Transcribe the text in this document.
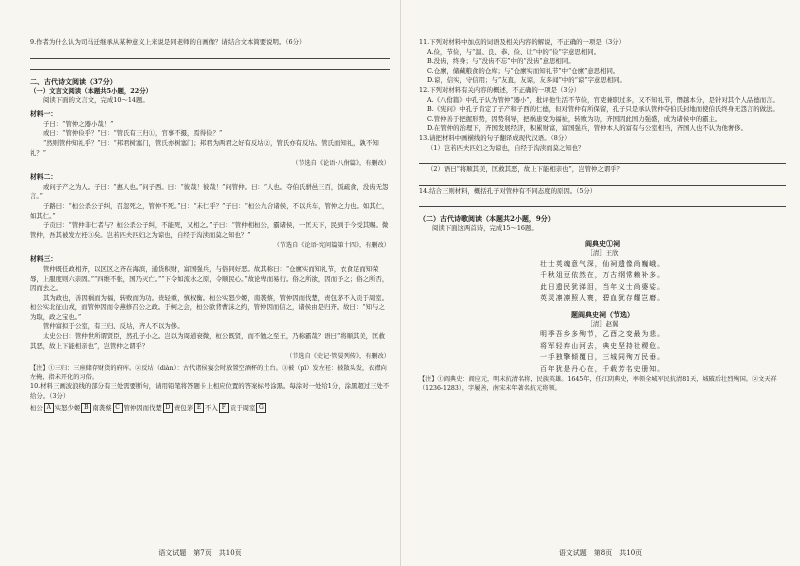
9.作者为什么认为司马迁继承从某种意义上来说是同老师的自画像？请结合文本简要说明。（6分）

二、古代诗文阅读（37分）

（一）文言文阅读（本题共5小题，22分）

阅读下面的文言文，完成10～14题。

材料一：

子曰：“管仲之器小哉！”

或曰：“管仲俭乎？”曰：“管氏有三归①，官事不摄，焉得俭？”

“然则管仲知礼乎？”曰：“邦君树塞门，管氏亦树塞门；邦君为两君之好有反坫②，管氏亦有反坫。管氏而知礼，孰不知礼？”

（节选自《论语·八佾篇》，有删改）

材料二：

或问子产之为人。子曰：“惠人也。”问子西。曰：“彼哉！彼哉！”问管仲。曰：“人也。夺伯氏骈邑三百，饭疏食，没齿无怨言。”

子路曰：“桓公杀公子纠，召忽死之，管仲不死。”曰：“未仁乎？”子曰：“桓公九合诸侯，不以兵车，管仲之力也。如其仁，如其仁。”

子贡曰：“管仲非仁者与？桓公杀公子纠，不能死，又相之。”子曰：“管仲相桓公，霸诸侯，一匡天下，民到于今受其赐。微管仲，吾其被发左衽③矣。岂若匹夫匹妇之为谅也，自经于沟渎而莫之知也？”

（节选自《论语·宪问篇第十四》，有删改）

材料三：

管仲既任政相齐，以区区之齐在海滨，通货积财，富国强兵，与俗同好恶。故其称曰：“仓廪实而知礼节，衣食足而知荣辱，上服度则六亲固。”“四维不张，国乃灭亡。”“下令如流水之原，令顺民心。”故论卑而易行。俗之所欲，因而予之；俗之所否，因而去之。

其为政也，善因祸而为福，转败而为功。贵轻重，慎权衡。桓公实怒少姬，南袭蔡，管仲因而伐楚，责包茅不入贡于周室。桓公实北征山戎，而管仲因而令燕修召公之政。于柯之会，桓公欲背曹沫之约，管仲因而信之，诸侯由是归齐。故曰：“知与之为取，政之宝也。”

管仲富拟于公室，有三归、反坫，齐人不以为侈。

太史公曰：管仲世所谓贤臣，然孔子小之。岂以为周道衰微，桓公既贤，而不勉之至王，乃称霸哉？语曰“将顺其美，匡救其恶，故上下能相亲也”，岂管仲之谓乎？

（节选自《史记·管晏列传》，有删改）

【注】①三归：三座储存财货的府库。②反坫（diàn）：古代诸侯宴会时放置空酒杯的土台。③被（pī）发左衽：披散头发，衣襟向左掩，指未开化的习俗。

10.材料三画波浪线的部分有三处需要断句，请用铅笔将答题卡上相应位置的答案标号涂黑。每涂对一处给1分，涂黑超过三处不给分。（3分）

桓公 A 实怒少姬 B 南袭蔡 C 管仲因而伐楚 D 责包茅 E 不入 F 贡于周室 G
语文试题　第7页　共10页

11.下列对材料中加点的词语及相关内容的解说，不正确的一项是（3分）

A.俭，节俭，与“温、良、恭、俭、让”中的“俭”字意思相同。

B.没齿，终身；与“没齿不忘”中的“没齿”意思相同。

C.仓廪，储藏粮食的仓库；与“仓廪实而知礼节”中“仓廪”意思相同。

D.谅，信实，守信用；与“友直，友谅，友多闻”中的“谅”字意思相同。

12.下列对材料有关内容的概述，不正确的一项是（3分）

A.《八佾篇》中孔子认为管仲“器小”，批评他生活不节俭，官吏兼职过多，又不知礼节，僭越本分，是针对其个人品德而言。

B.《宪问》中孔子肯定了子产和子西的仁德，但对管仲有所保留，孔子只是承认管仲夺伯氏封地而使伯氏终身无怨言的做法。

C.管仲善于把握形势，因势利导，把祸患变为福祉，转败为功，齐国因此国力强盛，成为诸侯中的霸主。

D.在管仲的治理下，齐国发展经济，积累财富，富国强兵，管仲本人的富有与公室相当，齐国人也不认为他奢侈。

13.请把材料中画横线的句子翻译成现代汉语。（8分）

（1）岂若匹夫匹妇之为谅也，自经于沟渎而莫之知也？

（2）语曰“将顺其美，匡救其恶，故上下能相亲也”，岂管仲之谓乎？

14.结合三则材料，概括孔子对管仲有不同态度的原因。（5分）

（二）古代诗歌阅读（本题共2小题，9分）

阅读下面这两首诗，完成15～16题。

阎典史①祠

［清］王欣

壮士英魂意气深，仙祠遗像尚巍峨。

千秋俎豆依然在，万古纲常赖补多。

此日遗民犹涕泪，当年义士尚婆娑。

英灵凛凛照人寰，碧血犹存耀岂磨。

题阎典史祠（节选）

［清］赵翼

明季吾乡多殉节，乙酉之变最为悲。

将军轻弃山河去，典史坚持社稷危。

一手独擎倾覆日，三城同殉万民垂。

百年犹是丹心在，千载芳名史册知。

【注】①阎典史：阎应元，明末抗清名将，民族英雄。1645年，任江阴典史，率领全城军民抗清81天，城破后壮烈殉国。②文天祥（1236-1283），字履善，南宋末年著名抗元将领。

语文试题　第8页　共10页
